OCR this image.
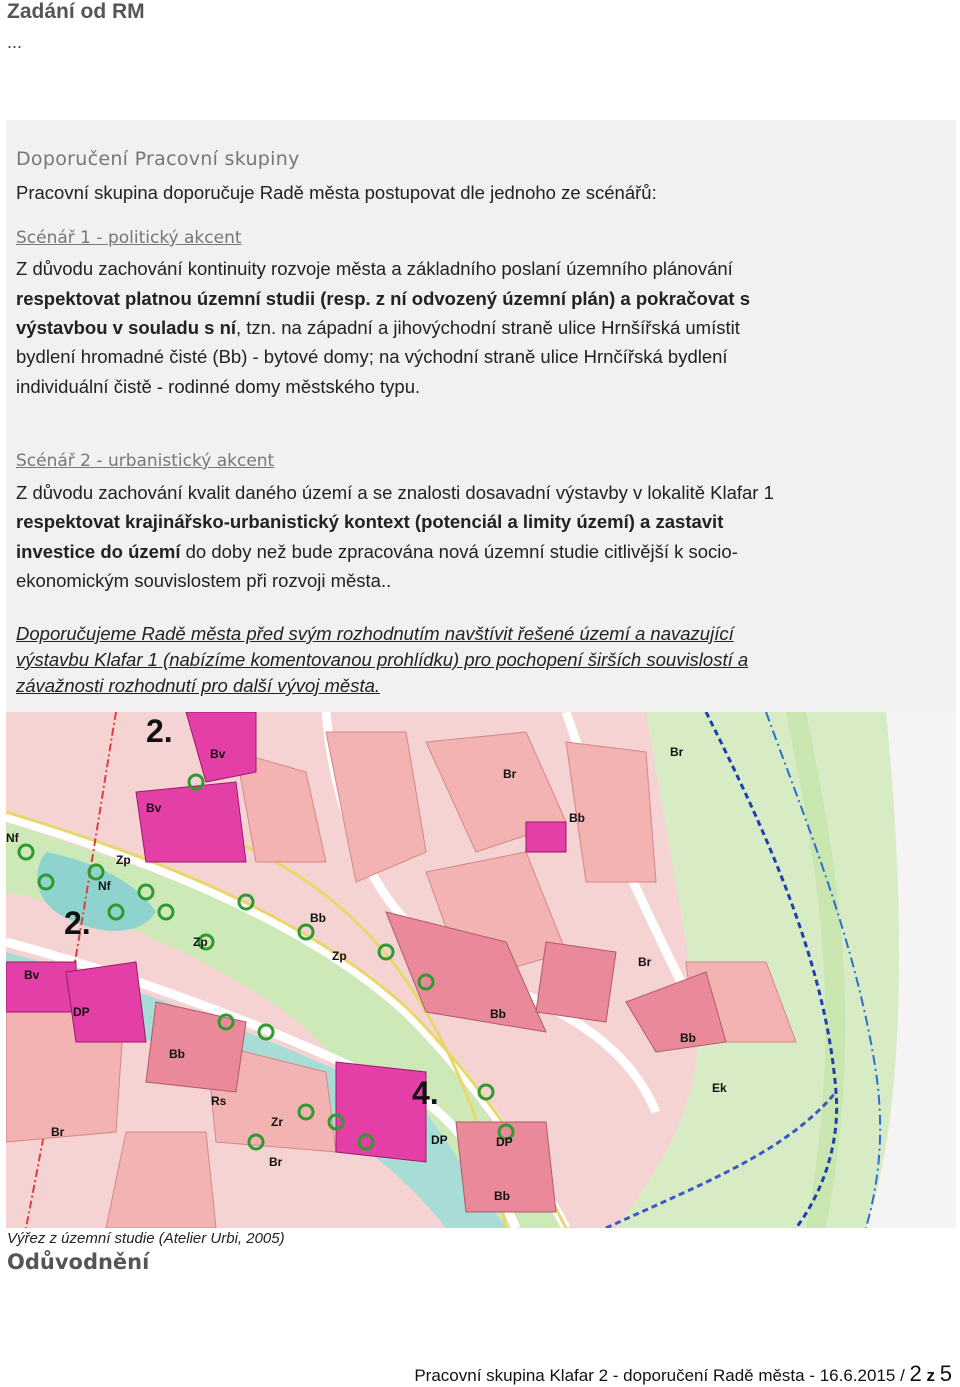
Zadání od RM
...
Doporučení Pracovní skupiny
Pracovní skupina doporučuje Radě města postupovat dle jednoho ze scénářů:
Scénář 1 - politický akcent
Z důvodu zachování kontinuity rozvoje města a základního poslaní územního plánování
respektovat platnou územní studii (resp. z ní odvozený územní plán) a pokračovat s
výstavbou v souladu s ní, tzn. na západní a jihovýchodní straně ulice Hrnšířská umístit
bydlení hromadné čisté (Bb) - bytové domy; na východní straně ulice Hrnčířská bydlení
individuální čistě - rodinné domy městského typu.
Scénář 2 - urbanistický akcent
Z důvodu zachování kvalit daného území a se znalosti dosavadní výstavby v lokalitě Klafar 1
respektovat krajinářsko-urbanistický kontext (potenciál a limity území) a zastavit
investice do území do doby než bude zpracována nová územní studie citlivější k socio-
ekonomickým souvislostem při rozvoji města..
Doporučujeme Radě města před svým rozhodnutím navštívit řešené území a navazující
výstavbu Klafar 1 (nabízíme komentovanou prohlídku) pro pochopení širších souvislostí a
závažnosti rozhodnutí pro další vývoj města.
Bv
Bv
Bv
Nf
Nf
Zp
Zp
Zp
Bb
Bb
Bb
Bb
Bb
Bb
Br
Br
Br
Br
Br
DP
DP	DP
Rs
Zr
Ek
2.
2.
4.
Výřez z územní studie (Atelier Urbi, 2005)
Odůvodnění
Pracovní skupina Klafar 2 - doporučení Radě města - 16.6.2015 / 2 z 5
